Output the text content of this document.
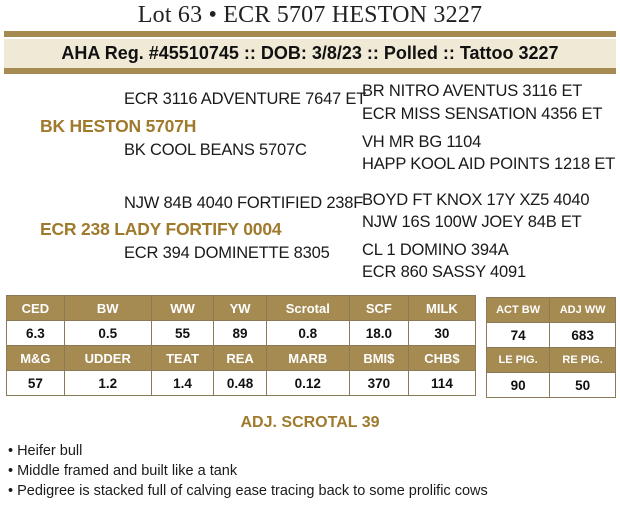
Lot 63 • ECR 5707 HESTON 3227
AHA Reg. #45510745 :: DOB: 3/8/23 :: Polled :: Tattoo 3227
ECR 3116 ADVENTURE 7647 ET
BK HESTON 5707H
BK COOL BEANS 5707C
BR NITRO AVENTUS 3116 ET
ECR MISS SENSATION 4356 ET
VH MR BG 1104
HAPP KOOL AID POINTS 1218 ET
NJW 84B 4040 FORTIFIED 238F
ECR 238 LADY FORTIFY 0004
ECR 394 DOMINETTE 8305
BOYD FT KNOX 17Y XZ5 4040
NJW 16S 100W JOEY 84B ET
CL 1 DOMINO 394A
ECR 860 SASSY 4091
CED	BW	WW	YW	Scrotal	SCF	MILK
6.3	0.5	55	89	0.8	18.0	30
M&G	UDDER	TEAT	REA	MARB	BMI$	CHB$
57	1.2	1.4	0.48	0.12	370	114
ACT BW	ADJ WW
74	683
LE PIG.	RE PIG.
90	50
ADJ. SCROTAL 39
• Heifer bull
• Middle framed and built like a tank
• Pedigree is stacked full of calving ease tracing back to some prolific cows
